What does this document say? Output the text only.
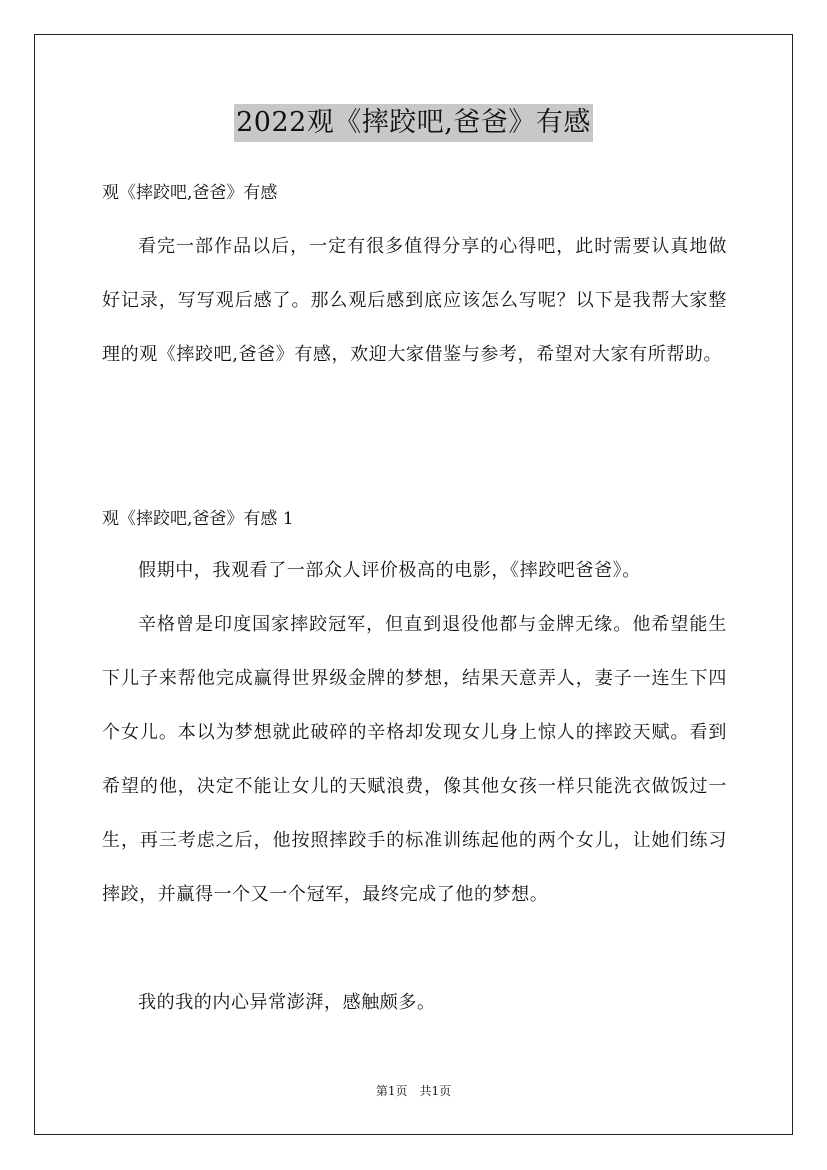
2022观《摔跤吧,爸爸》有感
观《摔跤吧,爸爸》有感
看完一部作品以后，一定有很多值得分享的心得吧，此时需要认真地做好记录，写写观后感了。那么观后感到底应该怎么写呢？以下是我帮大家整理的观《摔跤吧,爸爸》有感，欢迎大家借鉴与参考，希望对大家有所帮助。
观《摔跤吧,爸爸》有感 1
假期中，我观看了一部众人评价极高的电影，《摔跤吧爸爸》。
辛格曾是印度国家摔跤冠军，但直到退役他都与金牌无缘。他希望能生下儿子来帮他完成赢得世界级金牌的梦想，结果天意弄人，妻子一连生下四个女儿。本以为梦想就此破碎的辛格却发现女儿身上惊人的摔跤天赋。看到希望的他，决定不能让女儿的天赋浪费，像其他女孩一样只能洗衣做饭过一生，再三考虑之后，他按照摔跤手的标准训练起他的两个女儿，让她们练习摔跤，并赢得一个又一个冠军，最终完成了他的梦想。
我的我的内心异常澎湃，感触颇多。
第1页 共1页
